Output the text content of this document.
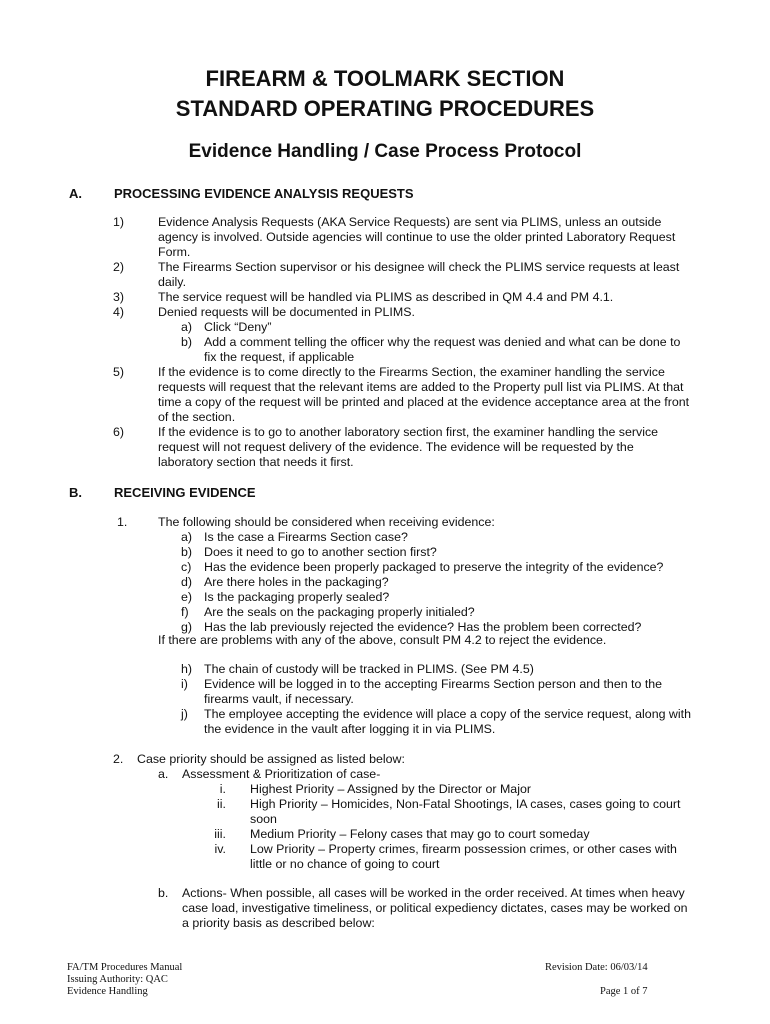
FIREARM & TOOLMARK SECTION
STANDARD OPERATING PROCEDURES
Evidence Handling / Case Process Protocol
A. PROCESSING EVIDENCE ANALYSIS REQUESTS
1)	Evidence Analysis Requests (AKA Service Requests) are sent via PLIMS, unless an outside
agency is involved. Outside agencies will continue to use the older printed Laboratory Request
Form.
2)	The Firearms Section supervisor or his designee will check the PLIMS service requests at least
daily.
3)	The service request will be handled via PLIMS as described in QM 4.4 and PM 4.1.
4)	Denied requests will be documented in PLIMS.
a) Click “Deny”
b) Add a comment telling the officer why the request was denied and what can be done to
fix the request, if applicable
5)	If the evidence is to come directly to the Firearms Section, the examiner handling the service
requests will request that the relevant items are added to the Property pull list via PLIMS. At that
time a copy of the request will be printed and placed at the evidence acceptance area at the front
of the section.
6)	If the evidence is to go to another laboratory section first, the examiner handling the service
request will not request delivery of the evidence. The evidence will be requested by the
laboratory section that needs it first.
B. RECEIVING EVIDENCE
1. The following should be considered when receiving evidence:
a) Is the case a Firearms Section case?
b) Does it need to go to another section first?
c) Has the evidence been properly packaged to preserve the integrity of the evidence?
d) Are there holes in the packaging?
e) Is the packaging properly sealed?
f) Are the seals on the packaging properly initialed?
g) Has the lab previously rejected the evidence? Has the problem been corrected?
If there are problems with any of the above, consult PM 4.2 to reject the evidence.
h) The chain of custody will be tracked in PLIMS. (See PM 4.5)
i) Evidence will be logged in to the accepting Firearms Section person and then to the
firearms vault, if necessary.
j) The employee accepting the evidence will place a copy of the service request, along with
the evidence in the vault after logging it in via PLIMS.
2. Case priority should be assigned as listed below:
a. Assessment & Prioritization of case-
i. Highest Priority – Assigned by the Director or Major
ii. High Priority – Homicides, Non-Fatal Shootings, IA cases, cases going to court
soon
iii. Medium Priority – Felony cases that may go to court someday
iv. Low Priority – Property crimes, firearm possession crimes, or other cases with
little or no chance of going to court
b. Actions- When possible, all cases will be worked in the order received. At times when heavy
case load, investigative timeliness, or political expediency dictates, cases may be worked on
a priority basis as described below:
FA/TM Procedures Manual
Issuing Authority: QAC
Evidence Handling
Revision Date: 06/03/14
Page 1 of 7
